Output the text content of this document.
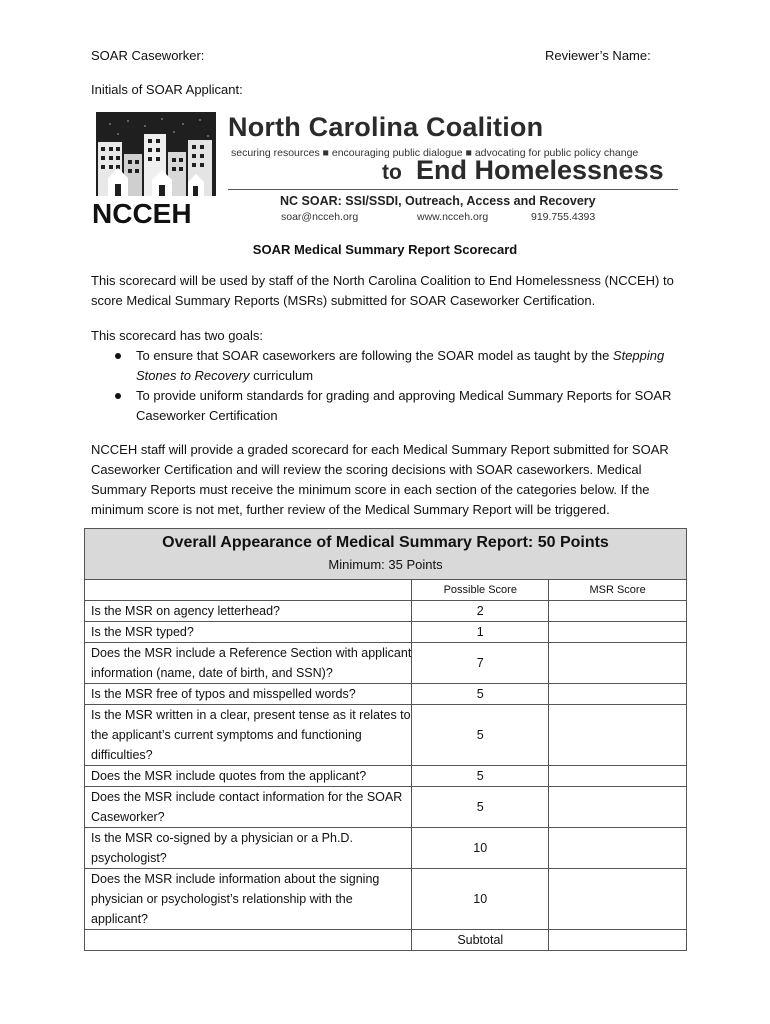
SOAR Caseworker:	Reviewer’s Name:
Initials of SOAR Applicant:
NCCEH
North Carolina Coalition
securing resources ■ encouraging public dialogue ■ advocating for public policy change
to End Homelessness
NC SOAR: SSI/SSDI, Outreach, Access and Recovery
soar@ncceh.org	www.ncceh.org	919.755.4393
SOAR Medical Summary Report Scorecard
This scorecard will be used by staff of the North Carolina Coalition to End Homelessness (NCCEH) to score Medical Summary Reports (MSRs) submitted for SOAR Caseworker Certification.
This scorecard has two goals:
To ensure that SOAR caseworkers are following the SOAR model as taught by the Stepping Stones to Recovery curriculum
To provide uniform standards for grading and approving Medical Summary Reports for SOAR Caseworker Certification
NCCEH staff will provide a graded scorecard for each Medical Summary Report submitted for SOAR Caseworker Certification and will review the scoring decisions with SOAR caseworkers. Medical Summary Reports must receive the minimum score in each section of the categories below. If the minimum score is not met, further review of the Medical Summary Report will be triggered.
Overall Appearance of Medical Summary Report: 50 Points
Minimum: 35 Points		

	Possible Score	MSR Score
Is the MSR on agency letterhead?	2	
Is the MSR typed?	1	
Does the MSR include a Reference Section with applicant information (name, date of birth, and SSN)?	7	
Is the MSR free of typos and misspelled words?	5	
Is the MSR written in a clear, present tense as it relates to the applicant’s current symptoms and functioning difficulties?	5	
Does the MSR include quotes from the applicant?	5	
Does the MSR include contact information for the SOAR Caseworker?	5	
Is the MSR co-signed by a physician or a Ph.D. psychologist?	10	
Does the MSR include information about the signing physician or psychologist’s relationship with the applicant?	10	
	Subtotal	
